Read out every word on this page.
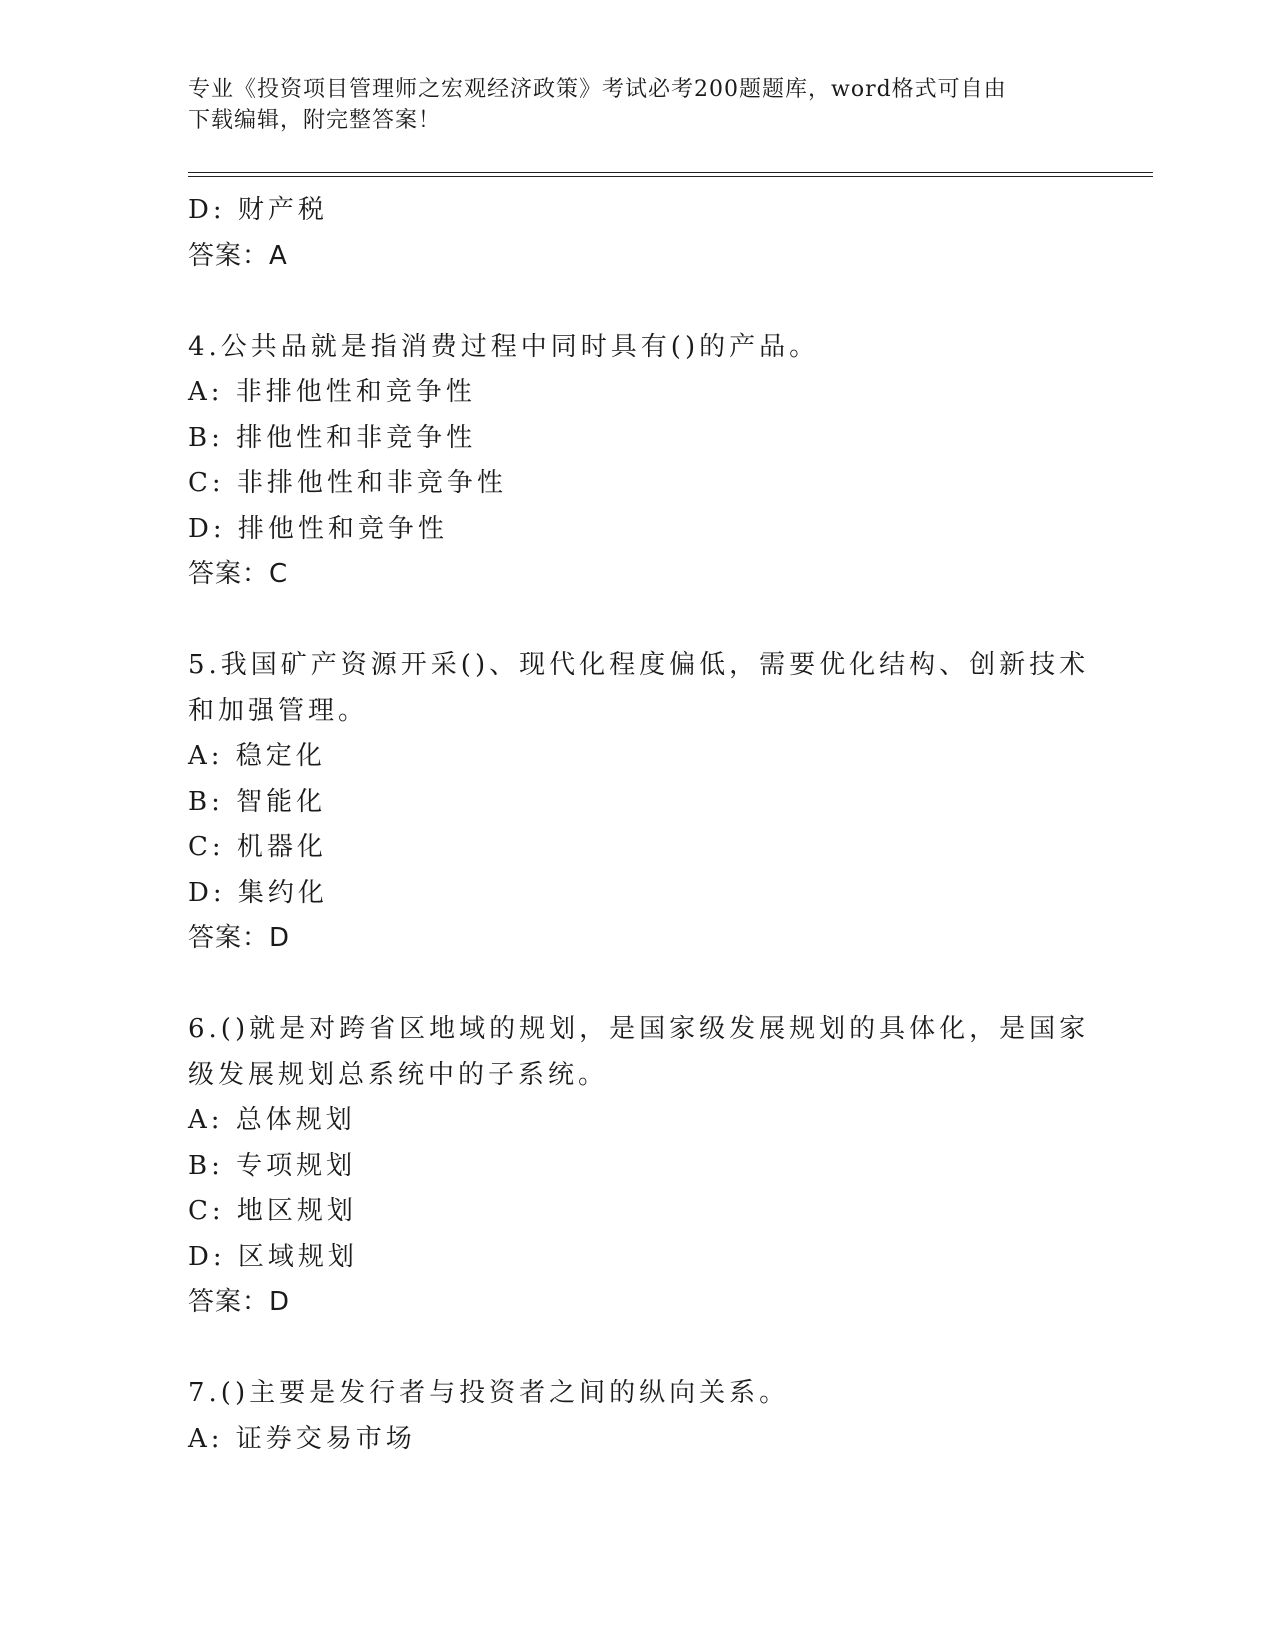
专业《投资项目管理师之宏观经济政策》考试必考200题题库，word格式可自由
下载编辑，附完整答案！
D: 财产税
答案：A
4.公共品就是指消费过程中同时具有()的产品。
A: 非排他性和竞争性
B: 排他性和非竞争性
C: 非排他性和非竞争性
D: 排他性和竞争性
答案：C
5.我国矿产资源开采()、现代化程度偏低，需要优化结构、创新技术
和加强管理。
A: 稳定化
B: 智能化
C: 机器化
D: 集约化
答案：D
6.()就是对跨省区地域的规划，是国家级发展规划的具体化，是国家
级发展规划总系统中的子系统。
A: 总体规划
B: 专项规划
C: 地区规划
D: 区域规划
答案：D
7.()主要是发行者与投资者之间的纵向关系。
A: 证券交易市场
